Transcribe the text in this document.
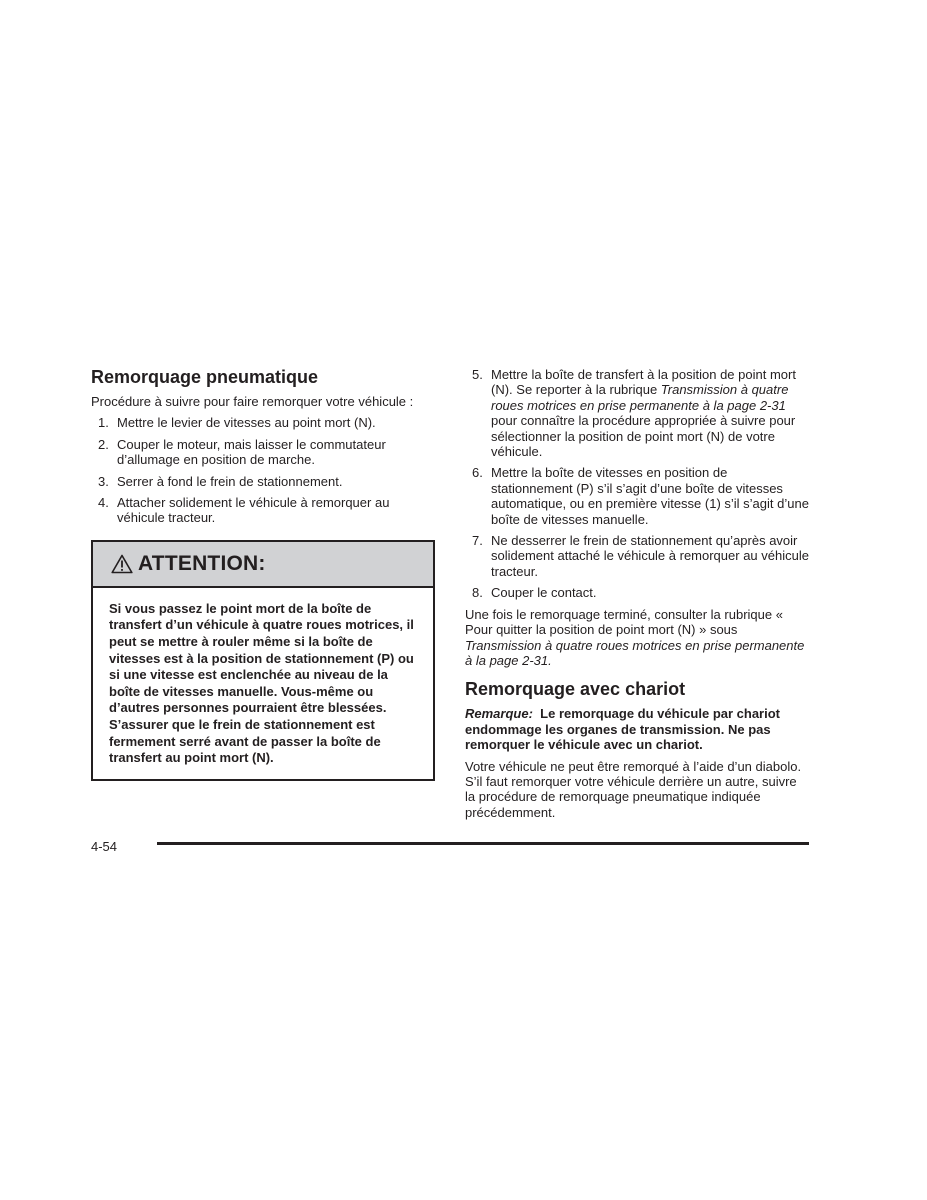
Remorquage pneumatique

Procédure à suivre pour faire remorquer votre véhicule :

1. Mettre le levier de vitesses au point mort (N).
2. Couper le moteur, mais laisser le commutateur d’allumage en position de marche.
3. Serrer à fond le frein de stationnement.
4. Attacher solidement le véhicule à remorquer au véhicule tracteur.
ATTENTION:
Si vous passez le point mort de la boîte de transfert d’un véhicule à quatre roues motrices, il peut se mettre à rouler même si la boîte de vitesses est à la position de stationnement (P) ou si une vitesse est enclenchée au niveau de la boîte de vitesses manuelle. Vous-même ou d’autres personnes pourraient être blessées. S’assurer que le frein de stationnement est fermement serré avant de passer la boîte de transfert au point mort (N).
5. Mettre la boîte de transfert à la position de point mort (N). Se reporter à la rubrique Transmission à quatre roues motrices en prise permanente à la page 2-31 pour connaître la procédure appropriée à suivre pour sélectionner la position de point mort (N) de votre véhicule.
6. Mettre la boîte de vitesses en position de stationnement (P) s’il s’agit d’une boîte de vitesses automatique, ou en première vitesse (1) s’il s’agit d’une boîte de vitesses manuelle.
7. Ne desserrer le frein de stationnement qu’après avoir solidement attaché le véhicule à remorquer au véhicule tracteur.
8. Couper le contact.

Une fois le remorquage terminé, consulter la rubrique « Pour quitter la position de point mort (N) » sous Transmission à quatre roues motrices en prise permanente à la page 2-31.

Remorquage avec chariot

Remarque: Le remorquage du véhicule par chariot endommage les organes de transmission. Ne pas remorquer le véhicule avec un chariot.

Votre véhicule ne peut être remorqué à l’aide d’un diabolo. S’il faut remorquer votre véhicule derrière un autre, suivre la procédure de remorquage pneumatique indiquée précédemment.

4-54
